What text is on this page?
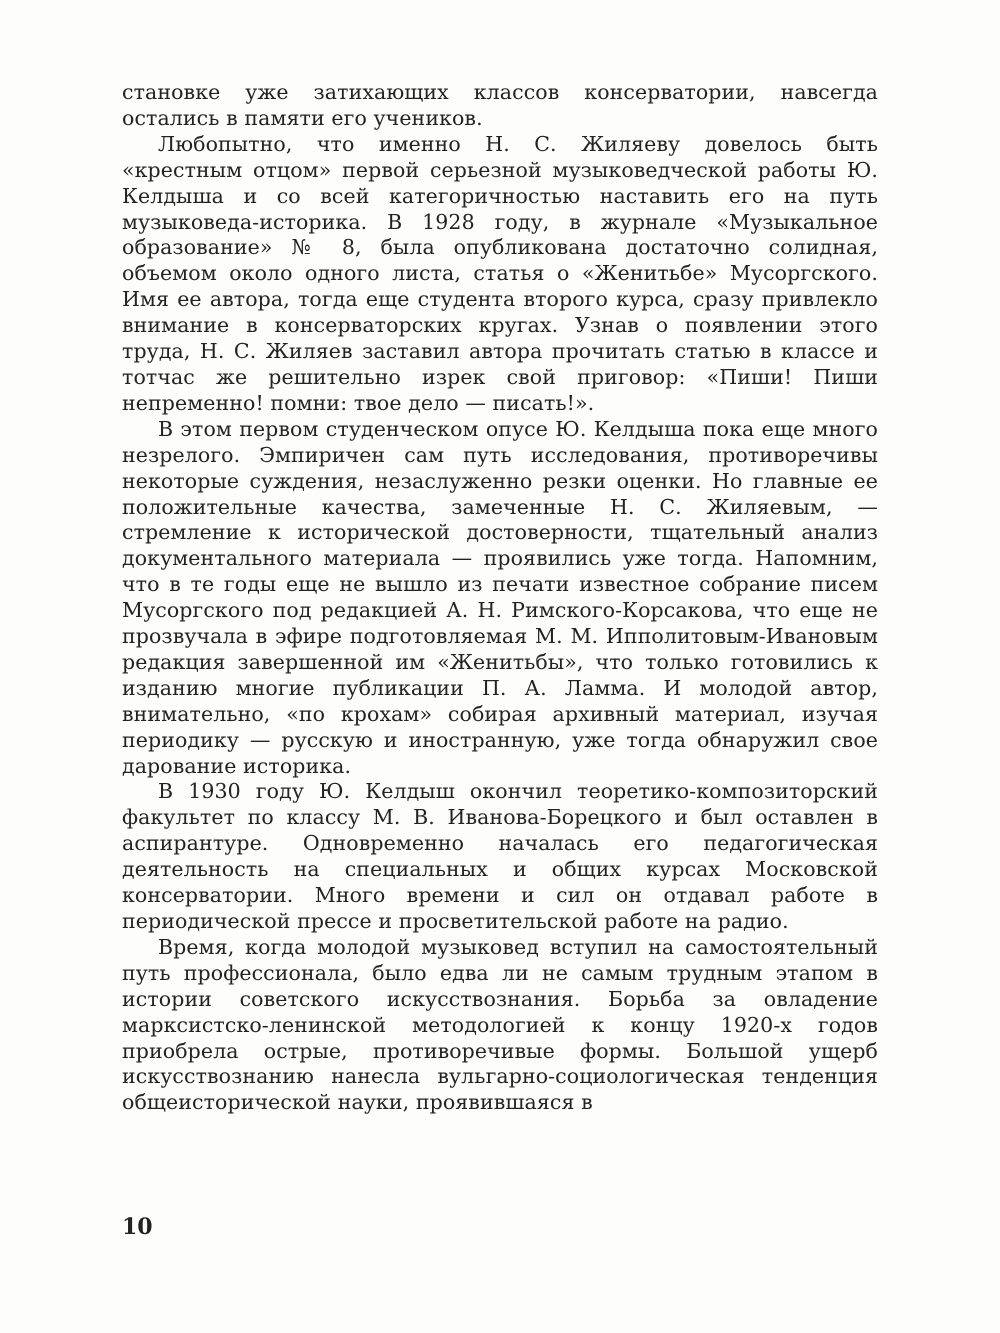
становке уже затихающих классов консерватории, навсегда остались в памяти его учеников.

Любопытно, что именно Н. С. Жиляеву довелось быть «крестным отцом» первой серьезной музыковедческой работы Ю. Келдыша и со всей категоричностью наставить его на путь музыковеда-историка. В 1928 году, в журнале «Музыкальное образование» № 8, была опубликована достаточно солидная, объемом около одного листа, статья о «Женитьбе» Мусоргского. Имя ее автора, тогда еще студента второго курса, сразу привлекло внимание в консерваторских кругах. Узнав о появлении этого труда, Н. С. Жиляев заставил автора прочитать статью в классе и тотчас же решительно изрек свой приговор: «Пиши! Пиши непременно! помни: твое дело — писать!».

В этом первом студенческом опусе Ю. Келдыша пока еще много незрелого. Эмпиричен сам путь исследования, противоречивы некоторые суждения, незаслуженно резки оценки. Но главные ее положительные качества, замеченные Н. С. Жиляевым, — стремление к исторической достоверности, тщательный анализ документального материала — проявились уже тогда. Напомним, что в те годы еще не вышло из печати известное собрание писем Мусоргского под редакцией А. Н. Римского-Корсакова, что еще не прозвучала в эфире подготовляемая М. М. Ипполитовым-Ивановым редакция завершенной им «Женитьбы», что только готовились к изданию многие публикации П. А. Ламма. И молодой автор, внимательно, «по крохам» собирая архивный материал, изучая периодику — русскую и иностранную, уже тогда обнаружил свое дарование историка.

В 1930 году Ю. Келдыш окончил теоретико-композиторский факультет по классу М. В. Иванова-Борецкого и был оставлен в аспирантуре. Одновременно началась его педагогическая деятельность на специальных и общих курсах Московской консерватории. Много времени и сил он отдавал работе в периодической прессе и просветительской работе на радио.

Время, когда молодой музыковед вступил на самостоятельный путь профессионала, было едва ли не самым трудным этапом в истории советского искусствознания. Борьба за овладение марксистско-ленинской методологией к концу 1920-х годов приобрела острые, противоречивые формы. Большой ущерб искусствознанию нанесла вульгарно-социологическая тенденция общеисторической науки, проявившаяся в

10
